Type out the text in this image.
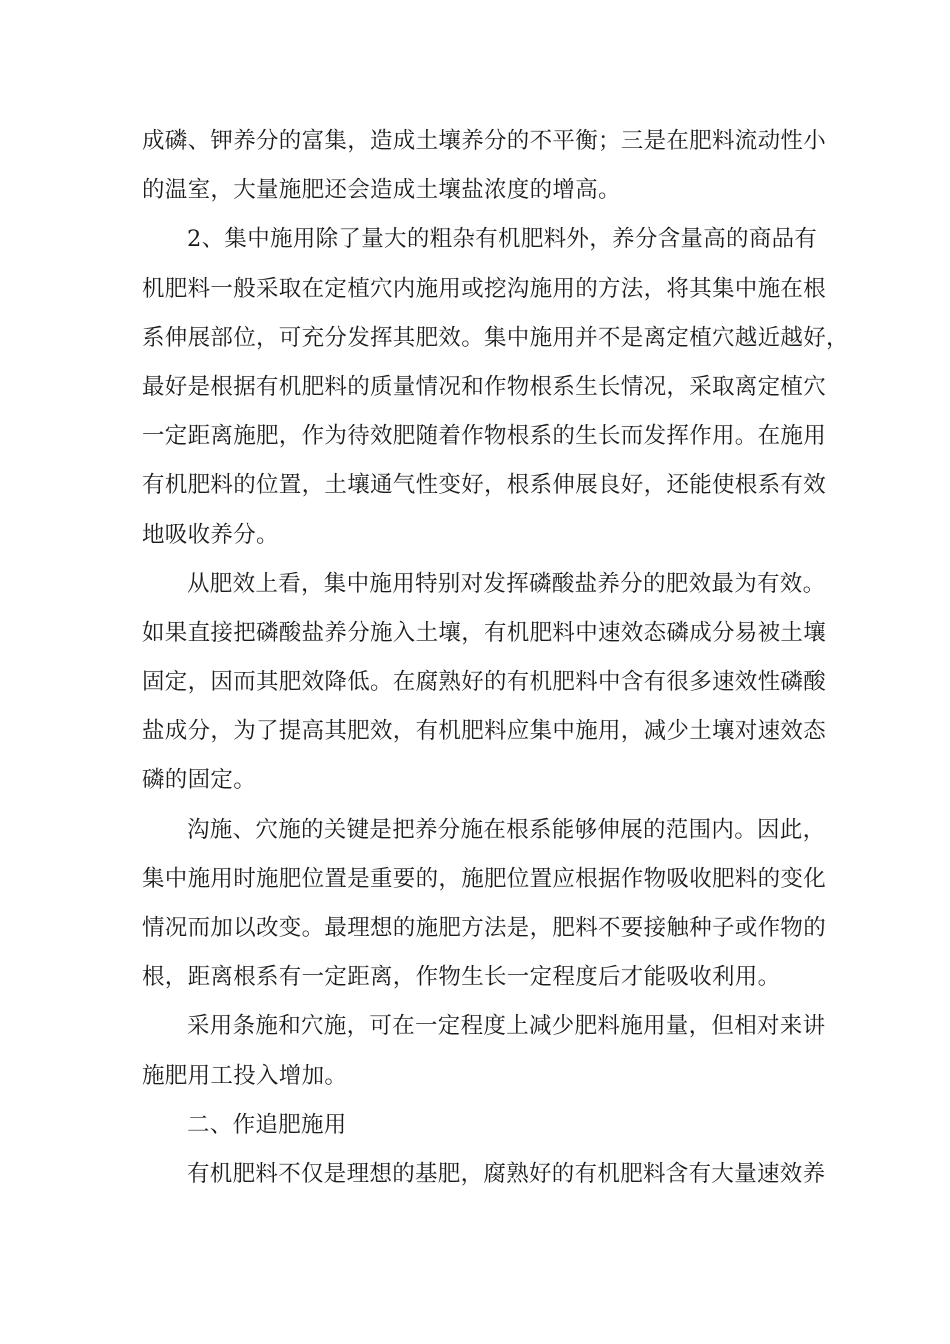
成磷、钾养分的富集，造成土壤养分的不平衡；三是在肥料流动性小
的温室，大量施肥还会造成土壤盐浓度的增高。

2、集中施用除了量大的粗杂有机肥料外，养分含量高的商品有
机肥料一般采取在定植穴内施用或挖沟施用的方法，将其集中施在根
系伸展部位，可充分发挥其肥效。集中施用并不是离定植穴越近越好，
最好是根据有机肥料的质量情况和作物根系生长情况，采取离定植穴
一定距离施肥，作为待效肥随着作物根系的生长而发挥作用。在施用
有机肥料的位置，土壤通气性变好，根系伸展良好，还能使根系有效
地吸收养分。

从肥效上看，集中施用特别对发挥磷酸盐养分的肥效最为有效。
如果直接把磷酸盐养分施入土壤，有机肥料中速效态磷成分易被土壤
固定，因而其肥效降低。在腐熟好的有机肥料中含有很多速效性磷酸
盐成分，为了提高其肥效，有机肥料应集中施用，减少土壤对速效态
磷的固定。

沟施、穴施的关键是把养分施在根系能够伸展的范围内。因此，
集中施用时施肥位置是重要的，施肥位置应根据作物吸收肥料的变化
情况而加以改变。最理想的施肥方法是，肥料不要接触种子或作物的
根，距离根系有一定距离，作物生长一定程度后才能吸收利用。

采用条施和穴施，可在一定程度上减少肥料施用量，但相对来讲
施肥用工投入增加。

二、作追肥施用

有机肥料不仅是理想的基肥，腐熟好的有机肥料含有大量速效养
